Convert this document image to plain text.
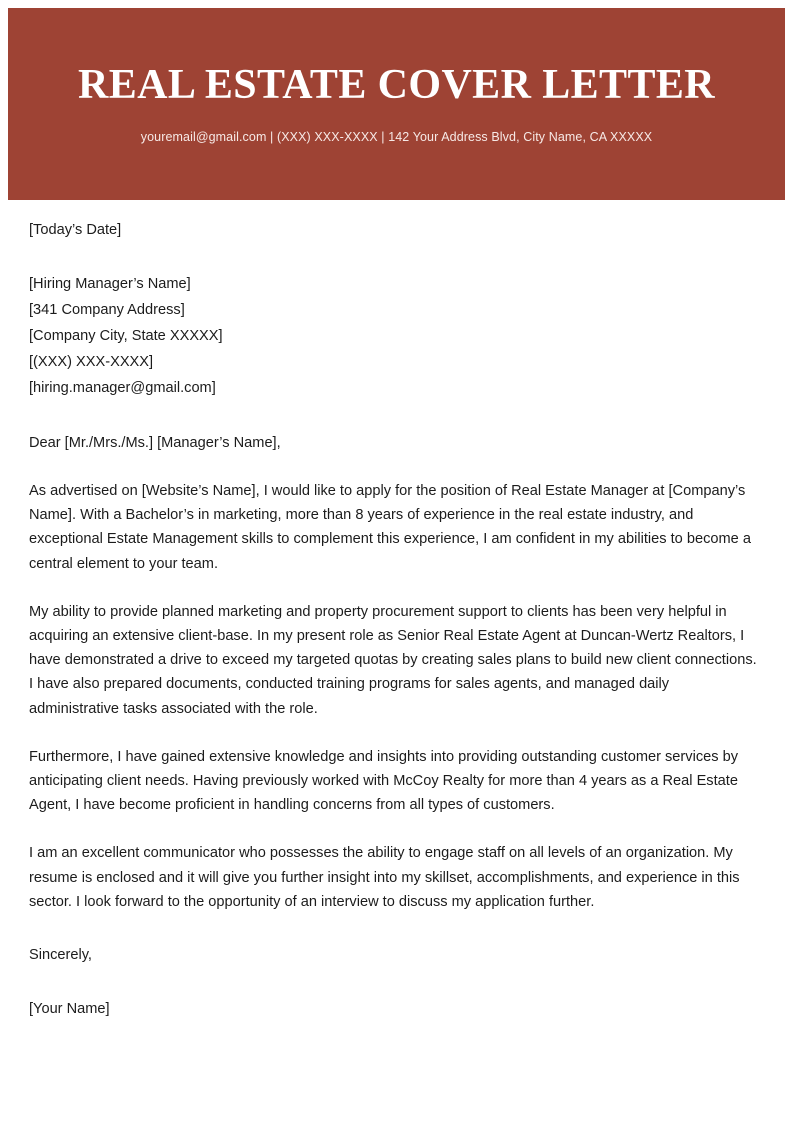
REAL ESTATE COVER LETTER
youremail@gmail.com | (XXX) XXX-XXXX | 142 Your Address Blvd, City Name, CA XXXXX

[Today’s Date]

[Hiring Manager’s Name]
[341 Company Address]
[Company City, State XXXXX]
[(XXX) XXX-XXXX]
[hiring.manager@gmail.com]

Dear [Mr./Mrs./Ms.] [Manager’s Name],

As advertised on [Website’s Name], I would like to apply for the position of Real Estate Manager at [Company’s Name]. With a Bachelor’s in marketing, more than 8 years of experience in the real estate industry, and exceptional Estate Management skills to complement this experience, I am confident in my abilities to become a central element to your team.

My ability to provide planned marketing and property procurement support to clients has been very helpful in acquiring an extensive client-base. In my present role as Senior Real Estate Agent at Duncan-Wertz Realtors, I have demonstrated a drive to exceed my targeted quotas by creating sales plans to build new client connections. I have also prepared documents, conducted training programs for sales agents, and managed daily administrative tasks associated with the role.

Furthermore, I have gained extensive knowledge and insights into providing outstanding customer services by anticipating client needs. Having previously worked with McCoy Realty for more than 4 years as a Real Estate Agent, I have become proficient in handling concerns from all types of customers.

I am an excellent communicator who possesses the ability to engage staff on all levels of an organization. My resume is enclosed and it will give you further insight into my skillset, accomplishments, and experience in this sector. I look forward to the opportunity of an interview to discuss my application further.

Sincerely,

[Your Name]
